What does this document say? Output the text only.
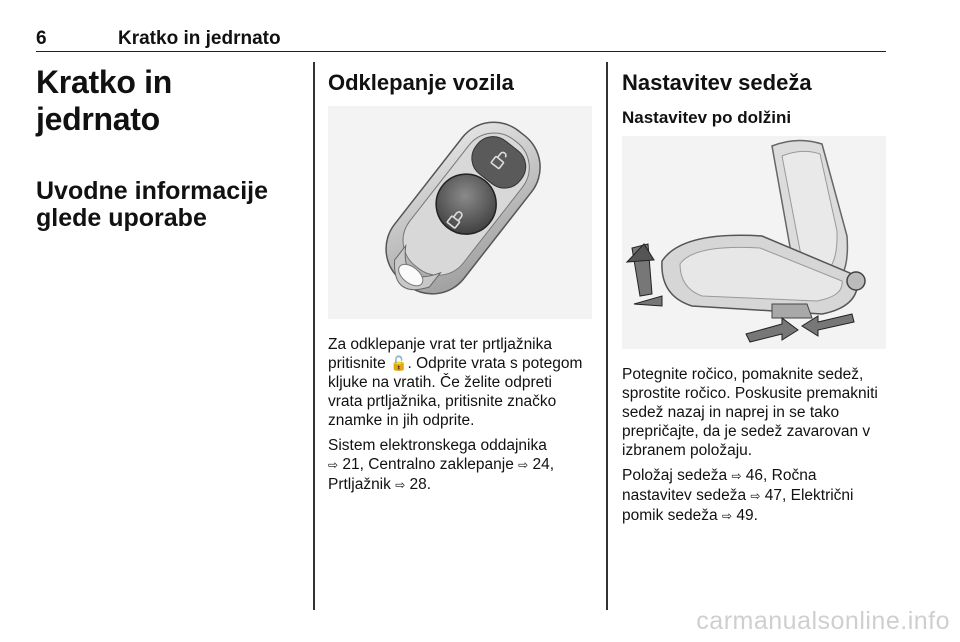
6	Kratko in jedrnato
Kratko in jedrnato
Uvodne informacije
glede uporabe
Odklepanje vozila
Za odklepanje vrat ter prtljažnika
pritisnite 🔓. Odprite vrata s potegom
kljuke na vratih. Če želite odpreti
vrata prtljažnika, pritisnite značko
znamke in jih odprite.
Sistem elektronskega oddajnika
⇨ 21, Centralno zaklepanje ⇨ 24,
Prtljažnik ⇨ 28.
Nastavitev sedeža
Nastavitev po dolžini
Potegnite ročico, pomaknite sedež,
sprostite ročico. Poskusite premakniti
sedež nazaj in naprej in se tako
prepričajte, da je sedež zavarovan v
izbranem položaju.
Položaj sedeža ⇨ 46, Ročna
nastavitev sedeža ⇨ 47, Električni
pomik sedeža ⇨ 49.
carmanualsonline.info
